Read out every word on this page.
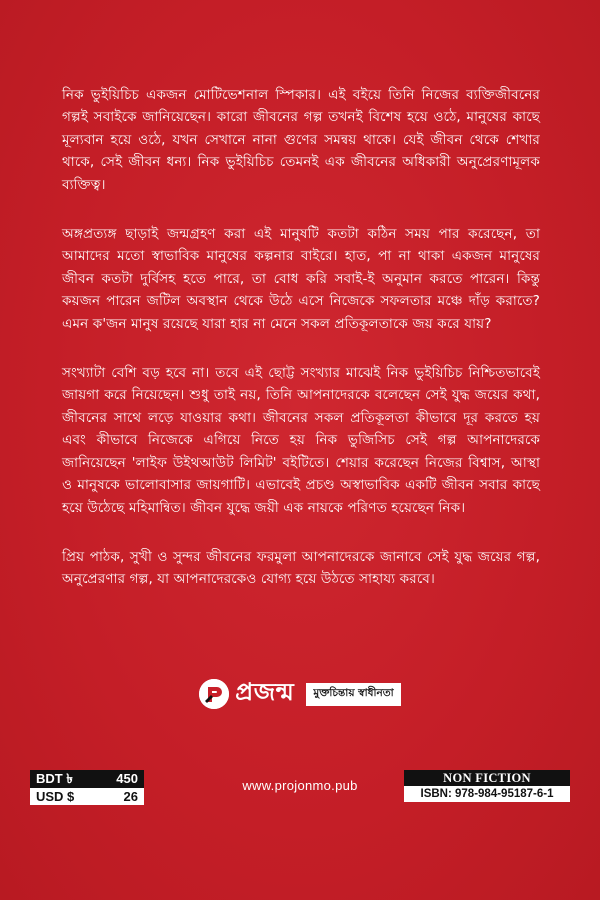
নিক ভুইয়িচিচ একজন মোটিভেশনাল স্পিকার। এই বইয়ে তিনি নিজের ব্যক্তিজীবনের গল্পই সবাইকে জানিয়েছেন। কারো জীবনের গল্প তখনই বিশেষ হয়ে ওঠে, মানুষের কাছে মূল্যবান হয়ে ওঠে, যখন সেখানে নানা গুণের সমন্বয় থাকে। যেই জীবন থেকে শেখার থাকে, সেই জীবন ধন্য। নিক ভুইয়িচিচ তেমনই এক জীবনের অধিকারী অনুপ্রেরণামূলক ব্যক্তিত্ব।

অঙ্গপ্রত্যঙ্গ ছাড়াই জন্মগ্রহণ করা এই মানুষটি কতটা কঠিন সময় পার করেছেন, তা আমাদের মতো স্বাভাবিক মানুষের কল্পনার বাইরে। হাত, পা না থাকা একজন মানুষের জীবন কতটা দুর্বিসহ হতে পারে, তা বোধ করি সবাই-ই অনুমান করতে পারেন। কিন্তু কয়জন পারেন জটিল অবস্থান থেকে উঠে এসে নিজেকে সফলতার মঞ্চে দাঁড় করাতে? এমন ক'জন মানুষ রয়েছে যারা হার না মেনে সকল প্রতিকূলতাকে জয় করে যায়?

সংখ্যাটা বেশি বড় হবে না। তবে এই ছোট্ট সংখ্যার মাঝেই নিক ভুইয়িচিচ নিশ্চিতভাবেই জায়গা করে নিয়েছেন। শুধু তাই নয়, তিনি আপনাদেরকে বলেছেন সেই যুদ্ধ জয়ের কথা, জীবনের সাথে লড়ে যাওয়ার কথা। জীবনের সকল প্রতিকূলতা কীভাবে দূর করতে হয় এবং কীভাবে নিজেকে এগিয়ে নিতে হয় নিক ভুজিসিচ সেই গল্প আপনাদেরকে জানিয়েছেন 'লাইফ উইথআউট লিমিট' বইটিতে। শেয়ার করেছেন নিজের বিশ্বাস, আস্থা ও মানুষকে ভালোবাসার জায়গাটি। এভাবেই প্রচণ্ড অস্বাভাবিক একটি জীবন সবার কাছে হয়ে উঠেছে মহিমান্বিত। জীবন যুদ্ধে জয়ী এক নায়কে পরিণত হয়েছেন নিক।

প্রিয় পাঠক, সুখী ও সুন্দর জীবনের ফরমুলা আপনাদেরকে জানাবে সেই যুদ্ধ জয়ের গল্প, অনুপ্রেরণার গল্প, যা আপনাদেরকেও যোগ্য হয়ে উঠতে সাহায্য করবে।

প্রজন্ম	মুক্তচিন্তায় স্বাধীনতা
BDT ৳	450
USD $	26
www.projonmo.pub	NON FICTION
ISBN: 978-984-95187-6-1
